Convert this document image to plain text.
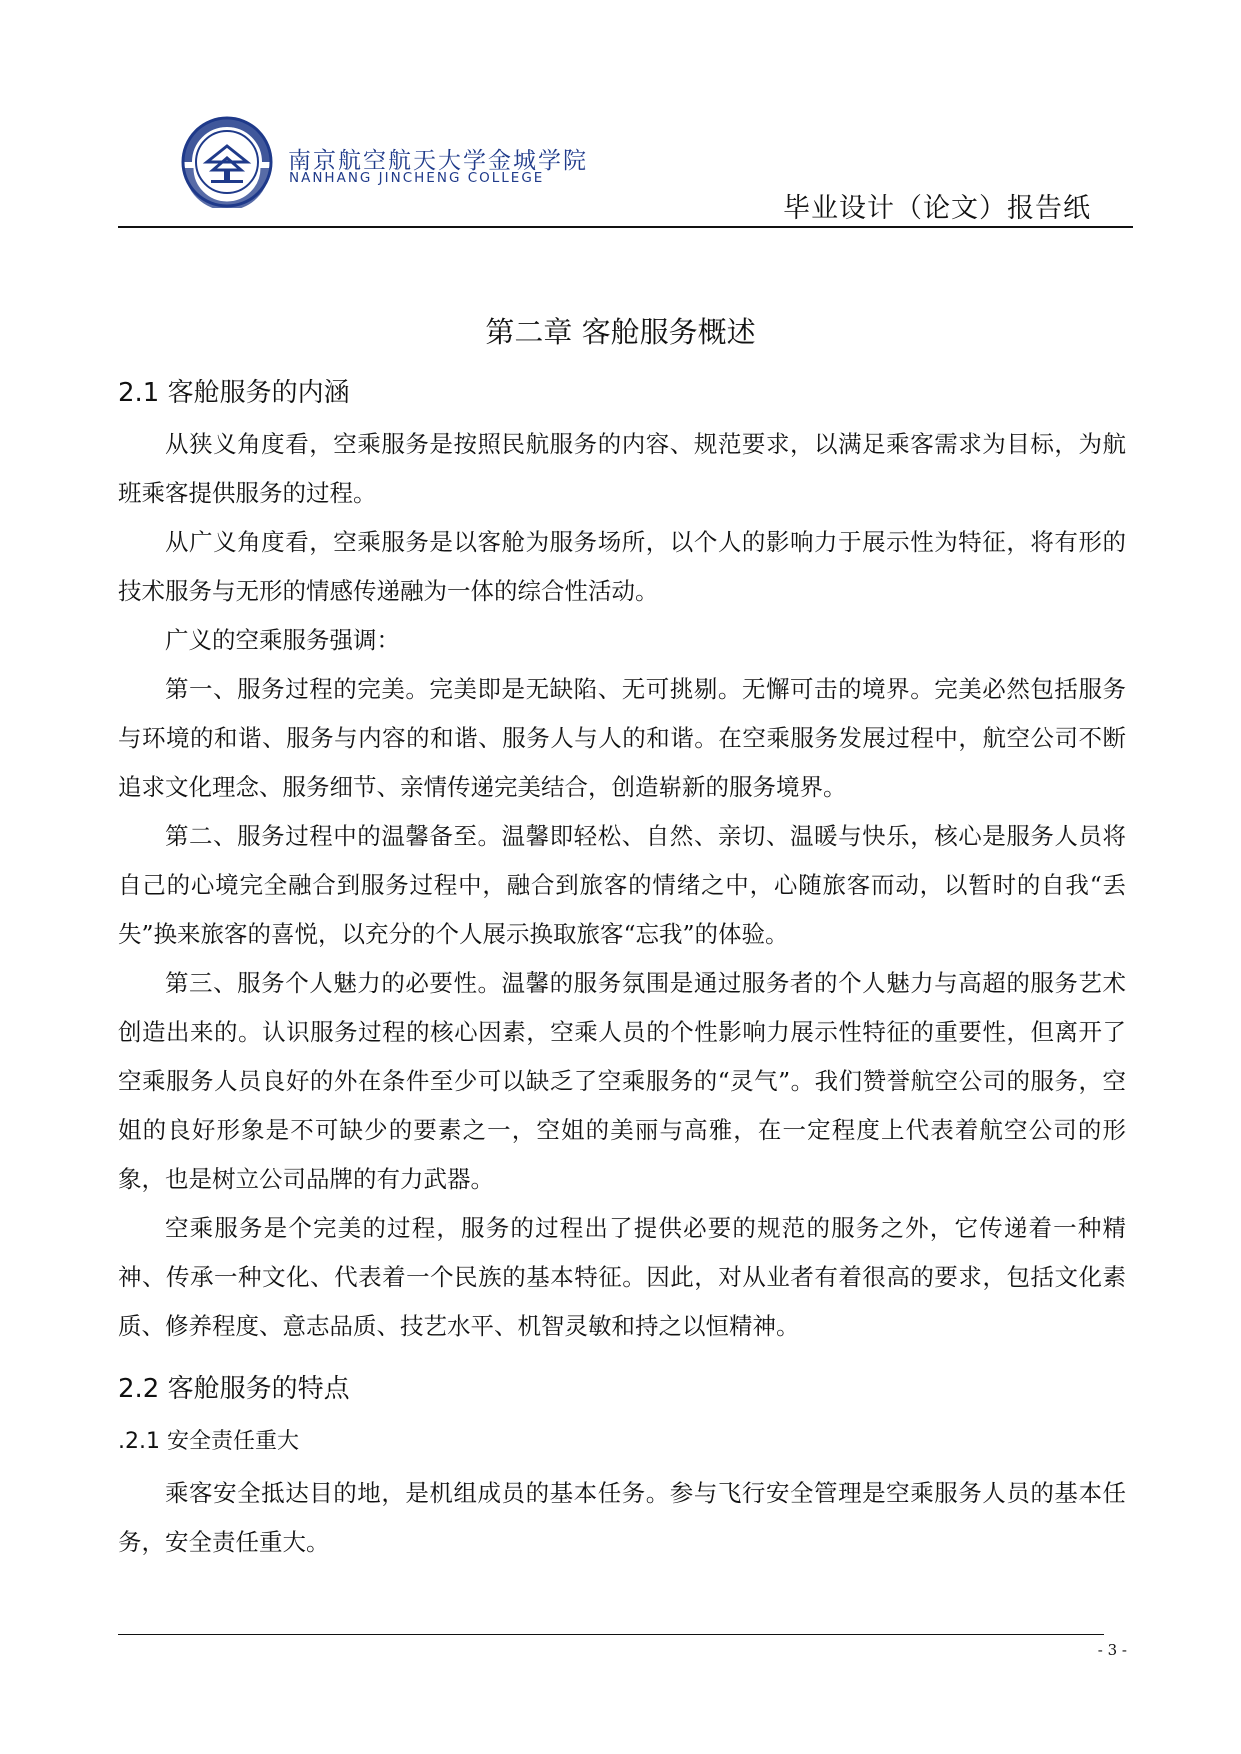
南京航空航天大学金城学院
NANHANG JINCHENG COLLEGE
毕业设计（论文）报告纸
第二章 客舱服务概述
2.1 客舱服务的内涵

从狭义角度看，空乘服务是按照民航服务的内容、规范要求，以满足乘客需求为目标，为航班乘客提供服务的过程。

从广义角度看，空乘服务是以客舱为服务场所，以个人的影响力于展示性为特征，将有形的技术服务与无形的情感传递融为一体的综合性活动。

广义的空乘服务强调：

第一、服务过程的完美。完美即是无缺陷、无可挑剔。无懈可击的境界。完美必然包括服务与环境的和谐、服务与内容的和谐、服务人与人的和谐。在空乘服务发展过程中，航空公司不断追求文化理念、服务细节、亲情传递完美结合，创造崭新的服务境界。

第二、服务过程中的温馨备至。温馨即轻松、自然、亲切、温暖与快乐，核心是服务人员将自己的心境完全融合到服务过程中，融合到旅客的情绪之中，心随旅客而动，以暂时的自我“丢失”换来旅客的喜悦，以充分的个人展示换取旅客“忘我”的体验。

第三、服务个人魅力的必要性。温馨的服务氛围是通过服务者的个人魅力与高超的服务艺术创造出来的。认识服务过程的核心因素，空乘人员的个性影响力展示性特征的重要性，但离开了空乘服务人员良好的外在条件至少可以缺乏了空乘服务的“灵气”。我们赞誉航空公司的服务，空姐的良好形象是不可缺少的要素之一，空姐的美丽与高雅，在一定程度上代表着航空公司的形象，也是树立公司品牌的有力武器。

空乘服务是个完美的过程，服务的过程出了提供必要的规范的服务之外，它传递着一种精神、传承一种文化、代表着一个民族的基本特征。因此，对从业者有着很高的要求，包括文化素质、修养程度、意志品质、技艺水平、机智灵敏和持之以恒精神。

2.2 客舱服务的特点
.2.1 安全责任重大

乘客安全抵达目的地，是机组成员的基本任务。参与飞行安全管理是空乘服务人员的基本任务，安全责任重大。

- 3 -
